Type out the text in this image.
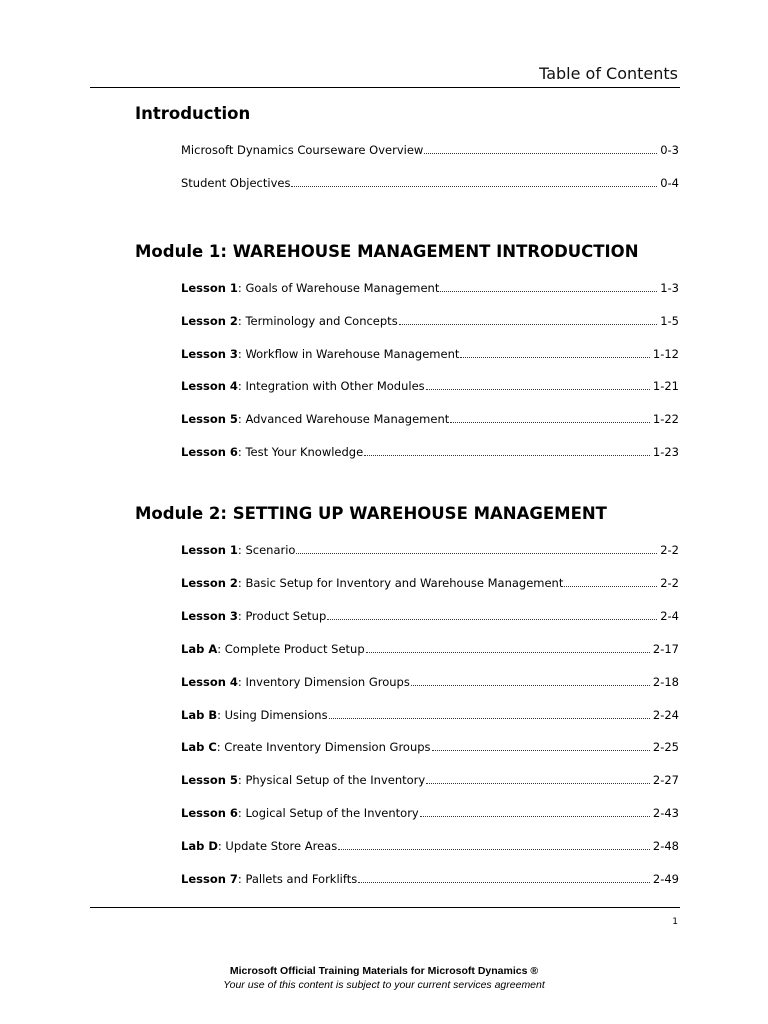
Table of Contents
Introduction
Module 1: WAREHOUSE MANAGEMENT INTRODUCTION
Module 2: SETTING UP WAREHOUSE MANAGEMENT
Microsoft Dynamics Courseware Overview	0-3
Student Objectives	0-4
Lesson 1: Goals of Warehouse Management	1-3
Lesson 2: Terminology and Concepts	1-5
Lesson 3: Workflow in Warehouse Management	1-12
Lesson 4: Integration with Other Modules	1-21
Lesson 5: Advanced Warehouse Management	1-22
Lesson 6: Test Your Knowledge	1-23
Lesson 1: Scenario	2-2
Lesson 2: Basic Setup for Inventory and Warehouse Management	2-2
Lesson 3: Product Setup	2-4
Lab A: Complete Product Setup	2-17
Lesson 4: Inventory Dimension Groups	2-18
Lab B: Using Dimensions	2-24
Lab C: Create Inventory Dimension Groups	2-25
Lesson 5: Physical Setup of the Inventory	2-27
Lesson 6: Logical Setup of the Inventory	2-43
Lab D: Update Store Areas	2-48
Lesson 7: Pallets and Forklifts	2-49
1
Microsoft Official Training Materials for Microsoft Dynamics ®
Your use of this content is subject to your current services agreement
